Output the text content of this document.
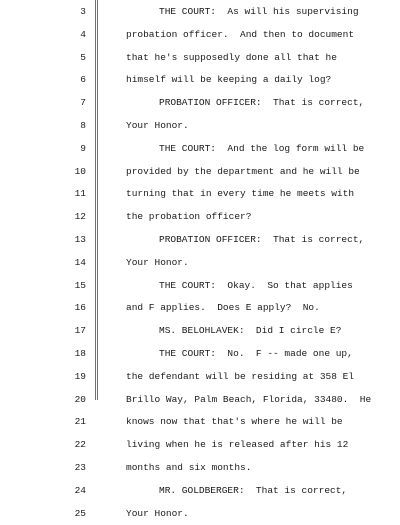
3	THE COURT:  As will his supervising
4	probation officer.  And then to document
5	that he's supposedly done all that he
6	himself will be keeping a daily log?
7	PROBATION OFFICER:  That is correct,
8	Your Honor.
9	THE COURT:  And the log form will be
10	provided by the department and he will be
11	turning that in every time he meets with
12	the probation officer?
13	PROBATION OFFICER:  That is correct,
14	Your Honor.
15	THE COURT:  Okay.  So that applies
16	and F applies.  Does E apply?  No.
17	MS. BELOHLAVEK:  Did I circle E?
18	THE COURT:  No.  F -- made one up,
19	the defendant will be residing at 358 El
20	Brillo Way, Palm Beach, Florida, 33480.  He
21	knows now that that's where he will be
22	living when he is released after his 12
23	months and six months.
24	MR. GOLDBERGER:  That is correct,
25	Your Honor.
